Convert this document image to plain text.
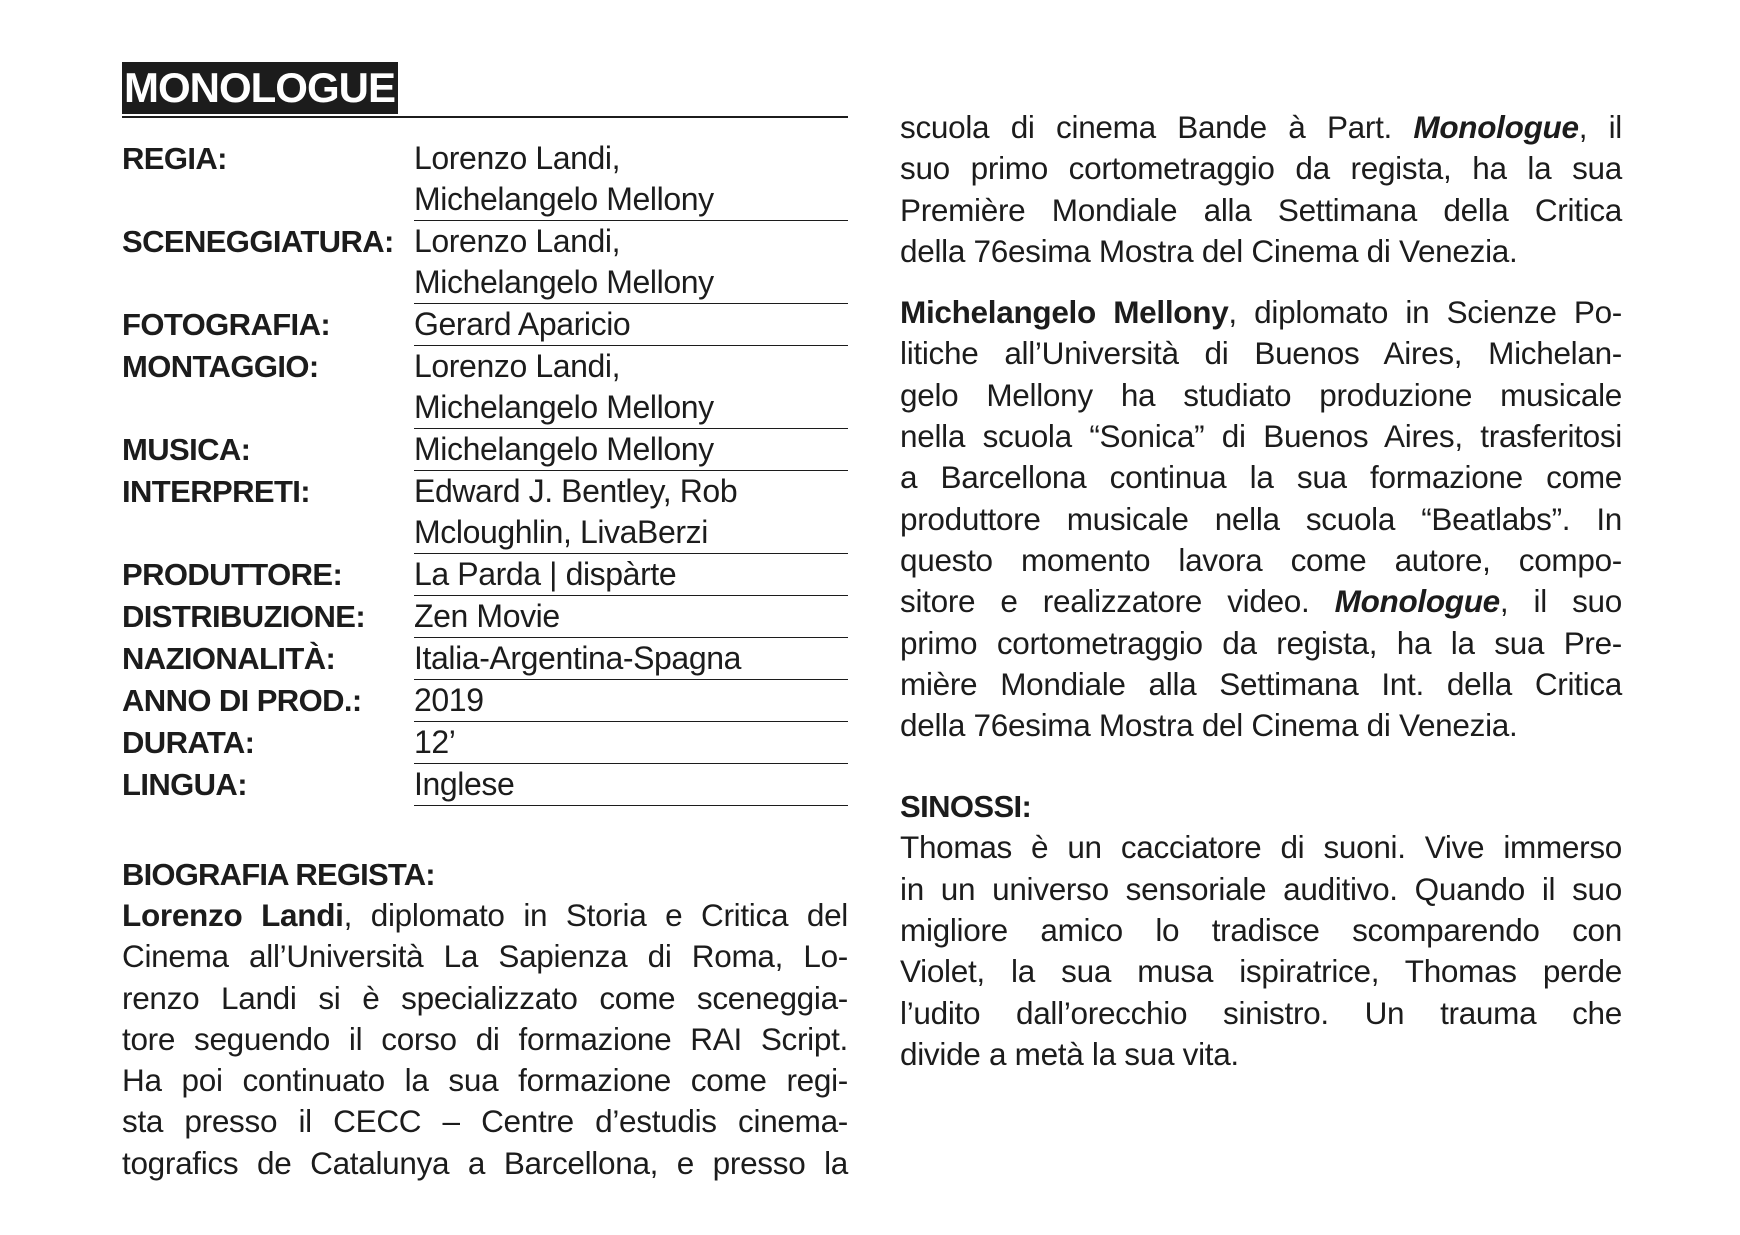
MONOLOGUE
REGIA:	Lorenzo Landi,
Michelangelo Mellony
SCENEGGIATURA: Lorenzo Landi,
Michelangelo Mellony
FOTOGRAFIA:	Gerard Aparicio
MONTAGGIO:	Lorenzo Landi,
Michelangelo Mellony
MUSICA:	Michelangelo Mellony
INTERPRETI:	Edward J. Bentley, Rob
Mcloughlin, LivaBerzi
PRODUTTORE:	La Parda | dispàrte
DISTRIBUZIONE:	Zen Movie
NAZIONALITÀ:	Italia-Argentina-Spagna
ANNO DI PROD.:	2019
DURATA:	12’
LINGUA:	Inglese
BIOGRAFIA REGISTA:

Lorenzo Landi, diplomato in Storia e Critica del
Cinema all’Università La Sapienza di Roma, Lo-
renzo Landi si è specializzato come sceneggia-
tore seguendo il corso di formazione RAI Script.
Ha poi continuato la sua formazione come regi-
sta presso il CECC – Centre d’estudis cinema-
tografics de Catalunya a Barcellona, e presso la

scuola di cinema Bande à Part. Monologue, il
suo primo cortometraggio da regista, ha la sua
Première Mondiale alla Settimana della Critica
della 76esima Mostra del Cinema di Venezia.

Michelangelo Mellony, diplomato in Scienze Po-
litiche all’Università di Buenos Aires, Michelan-
gelo Mellony ha studiato produzione musicale
nella scuola “Sonica” di Buenos Aires, trasferitosi
a Barcellona continua la sua formazione come
produttore musicale nella scuola “Beatlabs”. In
questo momento lavora come autore, compo-
sitore e realizzatore video. Monologue, il suo
primo cortometraggio da regista, ha la sua Pre-
mière Mondiale alla Settimana Int. della Critica
della 76esima Mostra del Cinema di Venezia.

SINOSSI:

Thomas è un cacciatore di suoni. Vive immerso
in un universo sensoriale auditivo. Quando il suo
migliore amico lo tradisce scomparendo con
Violet, la sua musa ispiratrice, Thomas perde
l’udito dall’orecchio sinistro. Un trauma che
divide a metà la sua vita.
